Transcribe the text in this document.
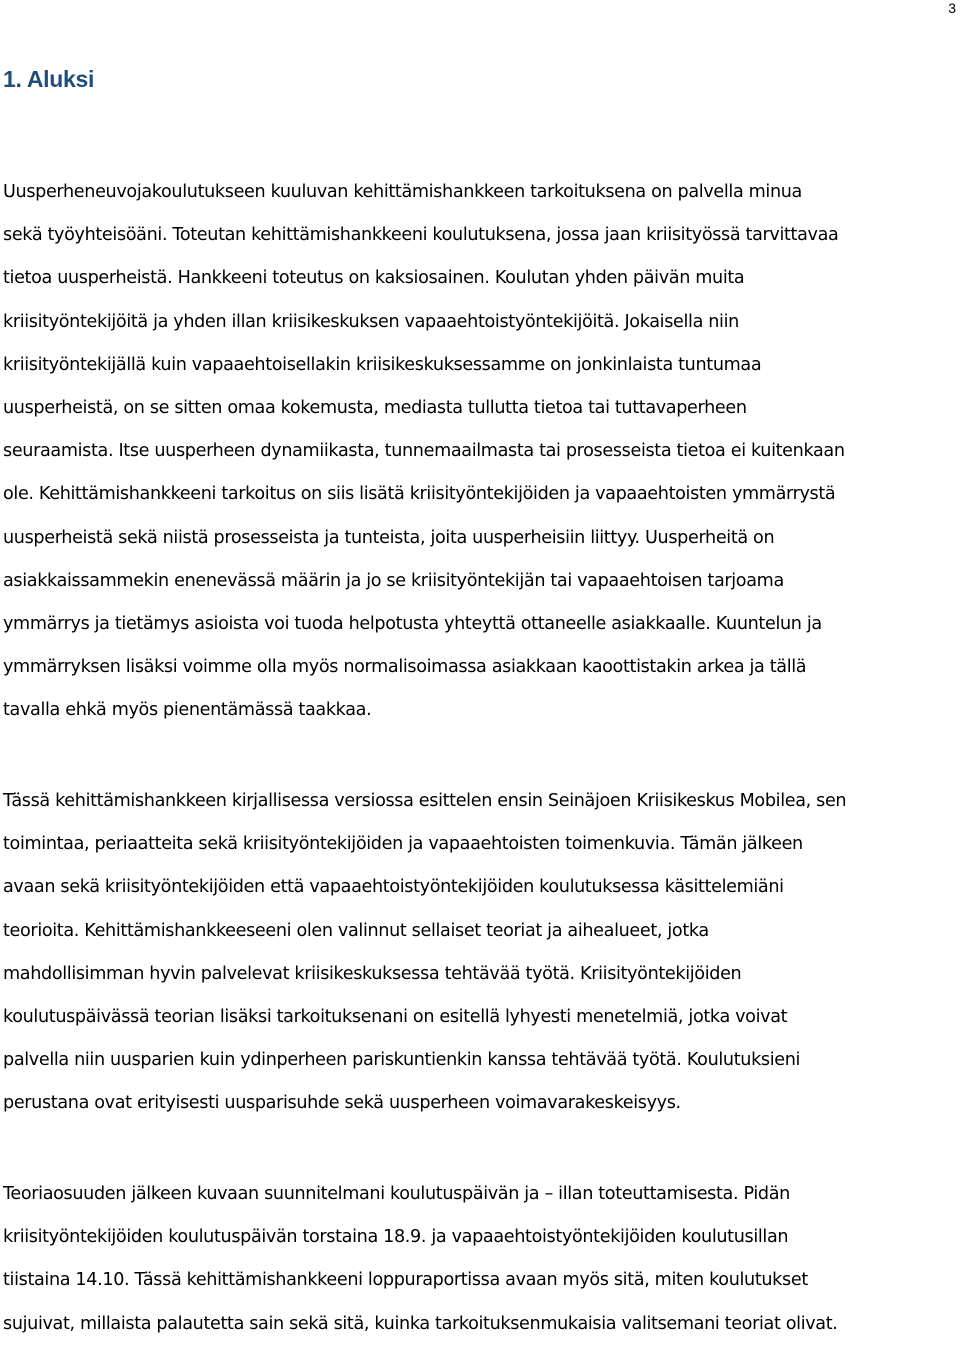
3
1. Aluksi
Uusperheneuvojakoulutukseen kuuluvan kehittämishankkeen tarkoituksena on palvella minua
sekä työyhteisöäni. Toteutan kehittämishankkeeni koulutuksena, jossa jaan kriisityössä tarvittavaa
tietoa uusperheistä. Hankkeeni toteutus on kaksiosainen. Koulutan yhden päivän muita
kriisityöntekijöitä ja yhden illan kriisikeskuksen vapaaehtoistyöntekijöitä. Jokaisella niin
kriisityöntekijällä kuin vapaaehtoisellakin kriisikeskuksessamme on jonkinlaista tuntumaa
uusperheistä, on se sitten omaa kokemusta, mediasta tullutta tietoa tai tuttavaperheen
seuraamista. Itse uusperheen dynamiikasta, tunnemaailmasta tai prosesseista tietoa ei kuitenkaan
ole. Kehittämishankkeeni tarkoitus on siis lisätä kriisityöntekijöiden ja vapaaehtoisten ymmärrystä
uusperheistä sekä niistä prosesseista ja tunteista, joita uusperheisiin liittyy. Uusperheitä on
asiakkaissammekin enenevässä määrin ja jo se kriisityöntekijän tai vapaaehtoisen tarjoama
ymmärrys ja tietämys asioista voi tuoda helpotusta yhteyttä ottaneelle asiakkaalle. Kuuntelun ja
ymmärryksen lisäksi voimme olla myös normalisoimassa asiakkaan kaoottistakin arkea ja tällä
tavalla ehkä myös pienentämässä taakkaa.
Tässä kehittämishankkeen kirjallisessa versiossa esittelen ensin Seinäjoen Kriisikeskus Mobilea, sen
toimintaa, periaatteita sekä kriisityöntekijöiden ja vapaaehtoisten toimenkuvia. Tämän jälkeen
avaan sekä kriisityöntekijöiden että vapaaehtoistyöntekijöiden koulutuksessa käsittelemiäni
teorioita. Kehittämishankkeeseeni olen valinnut sellaiset teoriat ja aihealueet, jotka
mahdollisimman hyvin palvelevat kriisikeskuksessa tehtävää työtä. Kriisityöntekijöiden
koulutuspäivässä teorian lisäksi tarkoituksenani on esitellä lyhyesti menetelmiä, jotka voivat
palvella niin uusparien kuin ydinperheen pariskuntienkin kanssa tehtävää työtä. Koulutuksieni
perustana ovat erityisesti uusparisuhde sekä uusperheen voimavarakeskeisyys.
Teoriaosuuden jälkeen kuvaan suunnitelmani koulutuspäivän ja – illan toteuttamisesta. Pidän
kriisityöntekijöiden koulutuspäivän torstaina 18.9. ja vapaaehtoistyöntekijöiden koulutusillan
tiistaina 14.10. Tässä kehittämishankkeeni loppuraportissa avaan myös sitä, miten koulutukset
sujuivat, millaista palautetta sain sekä sitä, kuinka tarkoituksenmukaisia valitsemani teoriat olivat.
